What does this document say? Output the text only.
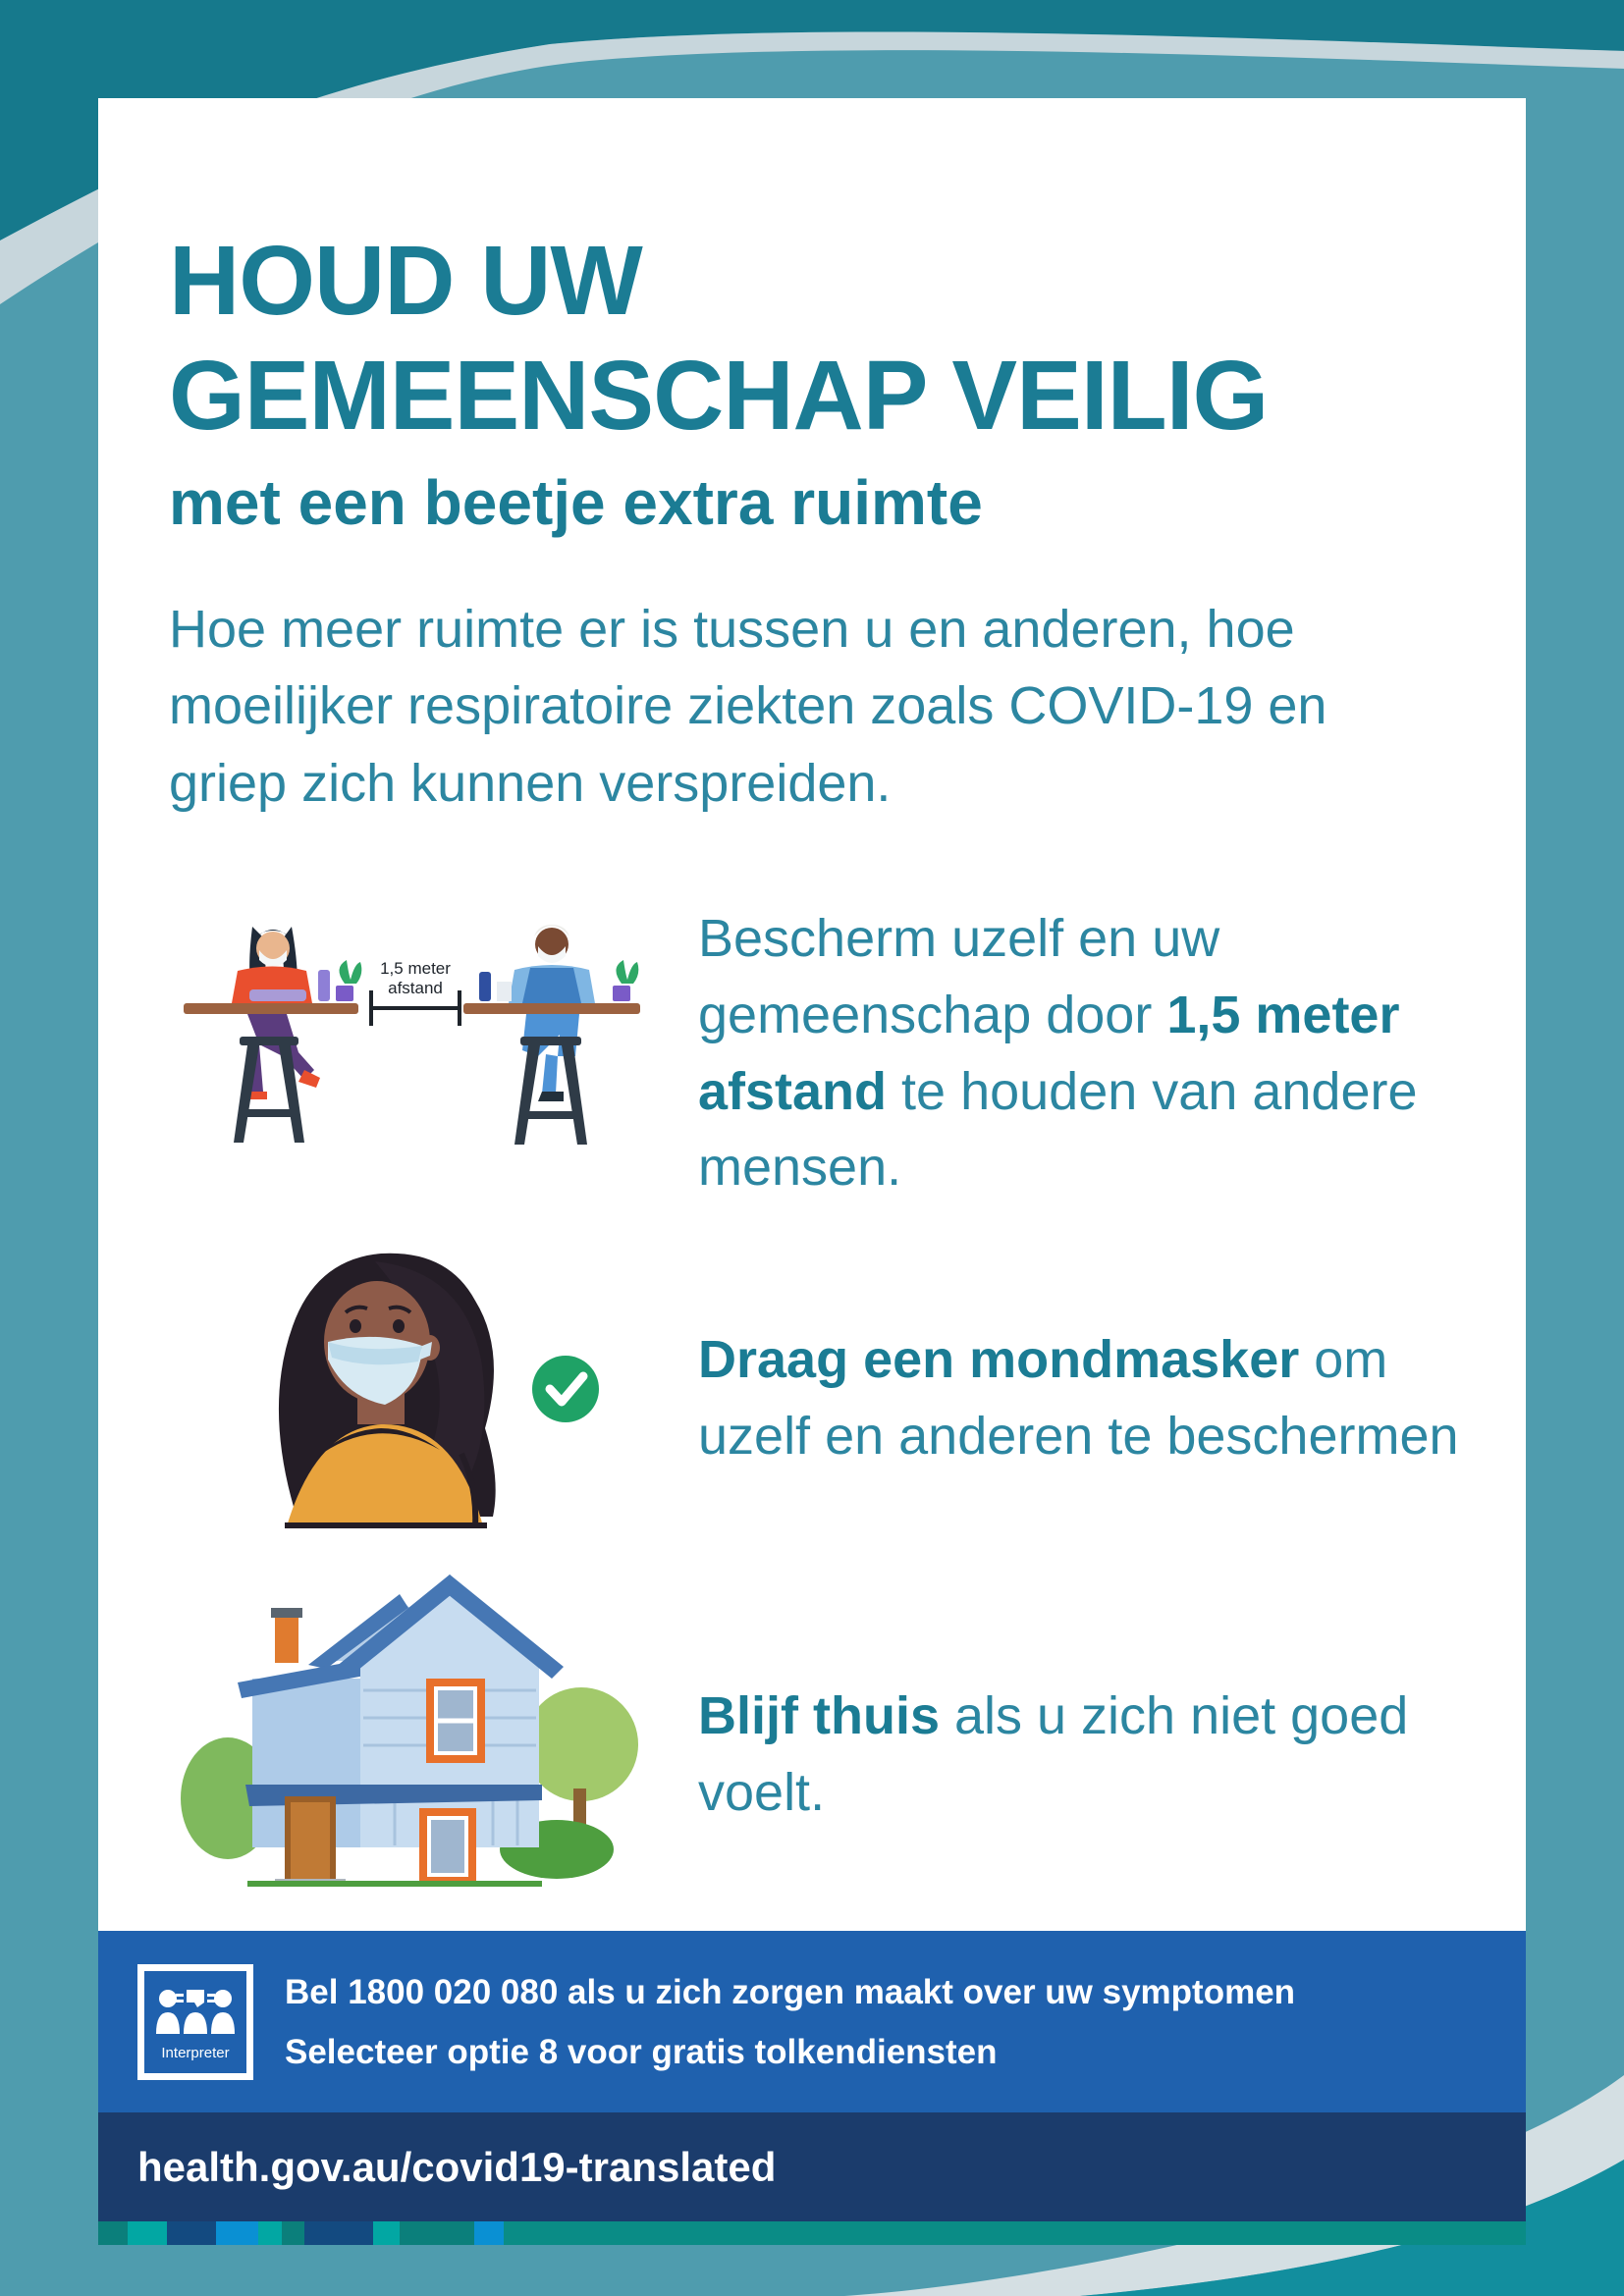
HOUD UW
GEMEENSCHAP VEILIG
met een beetje extra ruimte

Hoe meer ruimte er is tussen u en anderen, hoe moeilijker respiratoire ziekten zoals COVID-19 en griep zich kunnen verspreiden.

1,5 meter
afstand
Bescherm uzelf en uw gemeenschap door 1,5 meter afstand te houden van andere mensen.
Draag een mondmasker om uzelf en anderen te beschermen
Blijf thuis als u zich niet goed voelt.
Interpreter
Bel 1800 020 080 als u zich zorgen maakt over uw symptomen
Selecteer optie 8 voor gratis tolkendiensten
health.gov.au/covid19-translated
